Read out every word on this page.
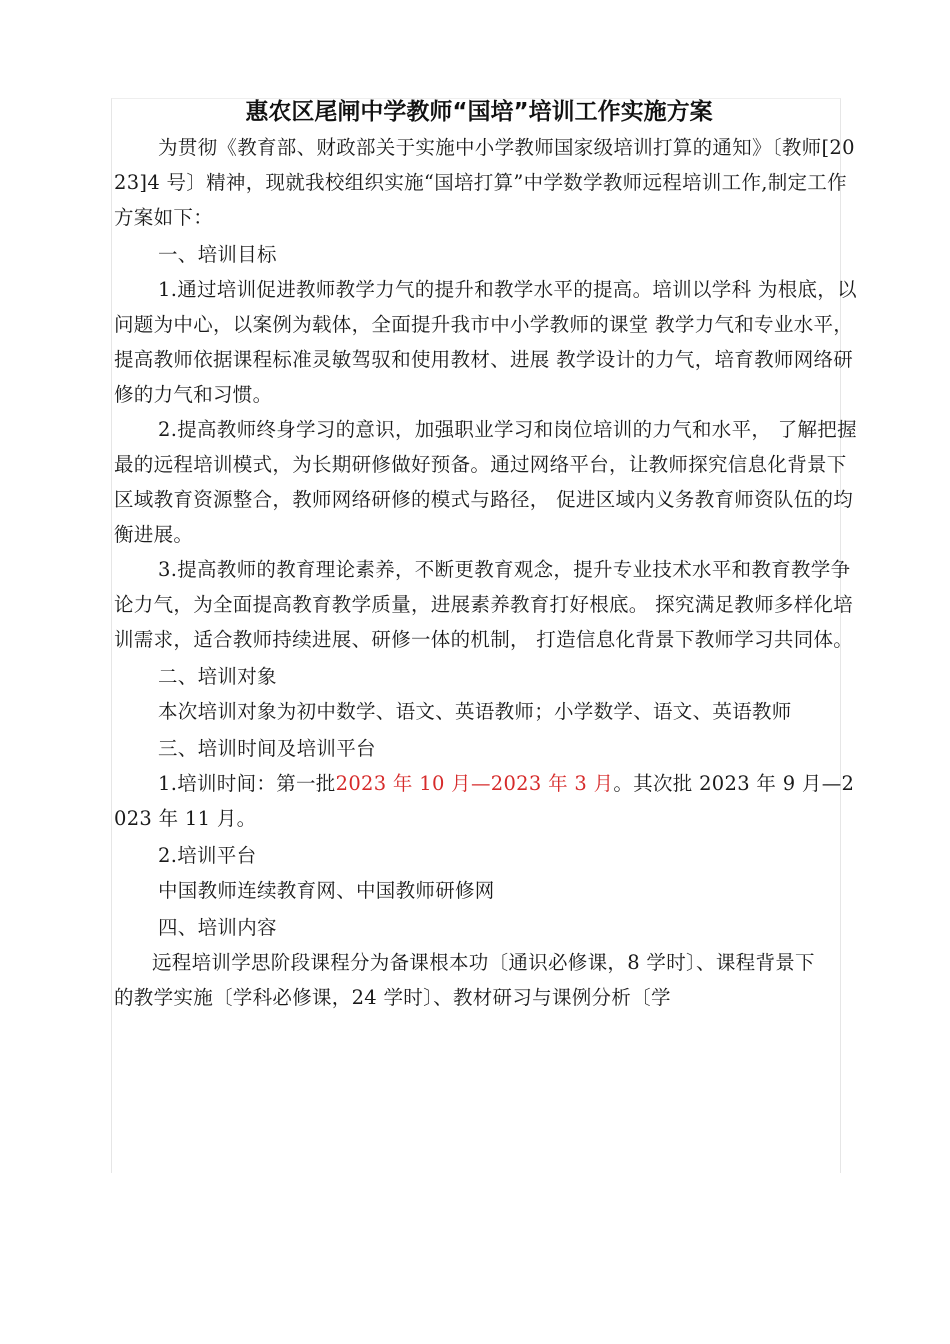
惠农区尾闸中学教师“国培”培训工作实施方案

为贯彻《教育部、财政部关于实施中小学教师国家级培训打算的通知》〔教师[2023]4 号〕精神，现就我校组织实施“国培打算”中学数学教师远程培训工作,制定工作方案如下：

一、培训目标

1.通过培训促进教师教学力气的提升和教学水平的提高。培训以学科 为根底，以问题为中心，以案例为载体，全面提升我市中小学教师的课堂 教学力气和专业水平，提高教师依据课程标准灵敏驾驭和使用教材、进展 教学设计的力气，培育教师网络研修的力气和习惯。

2.提高教师终身学习的意识，加强职业学习和岗位培训的力气和水平， 了解把握最的远程培训模式，为长期研修做好预备。通过网络平台，让教师探究信息化背景下区域教育资源整合，教师网络研修的模式与路径， 促进区域内义务教育师资队伍的均衡进展。

3.提高教师的教育理论素养，不断更教育观念，提升专业技术水平和教育教学争论力气，为全面提高教育教学质量，进展素养教育打好根底。 探究满足教师多样化培训需求，适合教师持续进展、研修一体的机制， 打造信息化背景下教师学习共同体。

二、培训对象

本次培训对象为初中数学、语文、英语教师；小学数学、语文、英语教师

三、培训时间及培训平台

1.培训时间：第一批2023 年 10 月—2023 年 3 月。其次批 2023 年 9 月—2023 年 11 月。

2.培训平台

中国教师连续教育网、中国教师研修网

四、培训内容

远程培训学思阶段课程分为备课根本功〔通识必修课，8 学时〕、课程背景下的教学实施〔学科必修课，24 学时〕、教材研习与课例分析〔学
